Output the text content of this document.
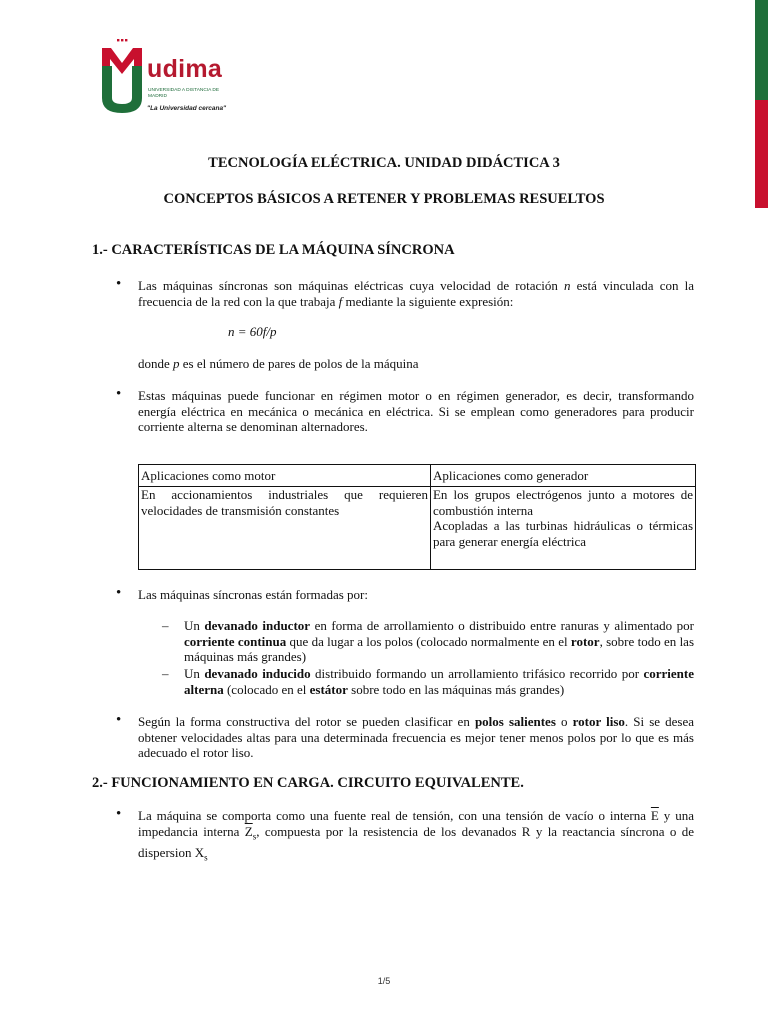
udima
UNIVERSIDAD A DISTANCIA DE MADRID
"La Universidad cercana"
TECNOLOGÍA ELÉCTRICA. UNIDAD DIDÁCTICA 3
CONCEPTOS BÁSICOS A RETENER Y PROBLEMAS RESUELTOS
1.- CARACTERÍSTICAS DE LA MÁQUINA SÍNCRONA
• Las máquinas síncronas son máquinas eléctricas cuya velocidad de rotación n está vinculada con la frecuencia de la red con la que trabaja f mediante la siguiente expresión:
n = 60f/p
donde p es el número de pares de polos de la máquina
• Estas máquinas puede funcionar en régimen motor o en régimen generador, es decir, transformando energía eléctrica en mecánica o mecánica en eléctrica. Si se emplean como generadores para producir corriente alterna se denominan alternadores.
Aplicaciones como motor	Aplicaciones como generador
En accionamientos industriales que requieren velocidades de transmisión constantes	En los grupos electrógenos junto a motores de combustión interna
Acopladas a las turbinas hidráulicas o térmicas para generar energía eléctrica
• Las máquinas síncronas están formadas por:
– Un devanado inductor en forma de arrollamiento o distribuido entre ranuras y alimentado por corriente continua que da lugar a los polos (colocado normalmente en el rotor, sobre todo en las máquinas más grandes)
– Un devanado inducido distribuido formando un arrollamiento trifásico recorrido por corriente alterna (colocado en el estátor sobre todo en las máquinas más grandes)
• Según la forma constructiva del rotor se pueden clasificar en polos salientes o rotor liso. Si se desea obtener velocidades altas para una determinada frecuencia es mejor tener menos polos por lo que es más adecuado el rotor liso.
2.- FUNCIONAMIENTO EN CARGA. CIRCUITO EQUIVALENTE.
• La máquina se comporta como una fuente real de tensión, con una tensión de vacío o interna $\overline{E}$ y una impedancia interna $\overline{Z}_s$, compuesta por la resistencia de los devanados R y la reactancia síncrona o de dispersion $X_s$
1/5
